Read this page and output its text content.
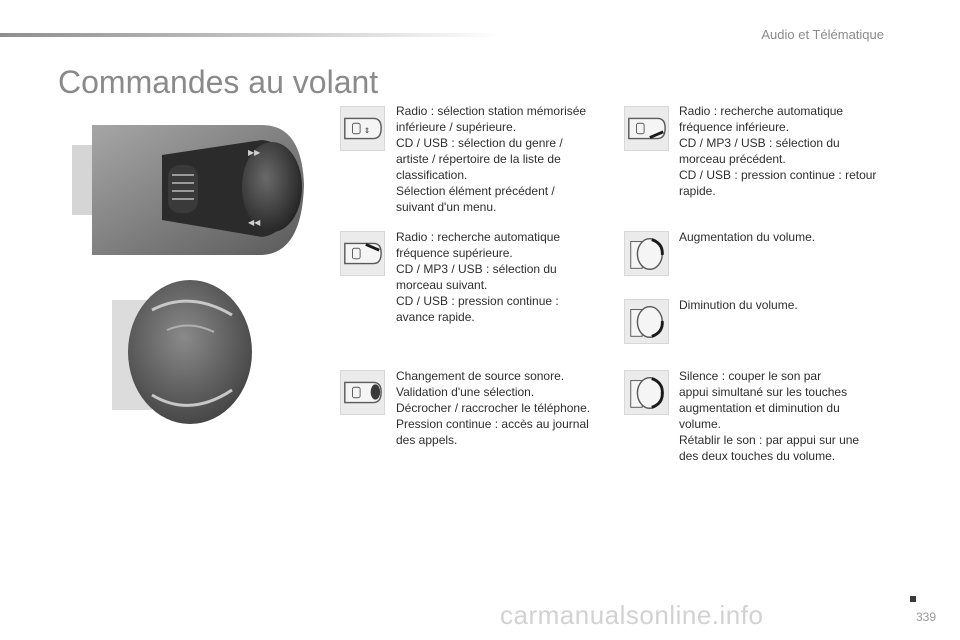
Audio et Télématique
Commandes au volant
▶▶
◀◀
⇕
Radio : sélection station mémorisée
inférieure / supérieure.
CD / USB : sélection du genre /
artiste / répertoire de la liste de
classification.
Sélection élément précédent /
suivant d'un menu.
Radio : recherche automatique
fréquence inférieure.
CD / MP3 / USB : sélection du
morceau précédent.
CD / USB : pression continue : retour
rapide.
Radio : recherche automatique
fréquence supérieure.
CD / MP3 / USB : sélection du
morceau suivant.
CD / USB : pression continue :
avance rapide.
Augmentation du volume.
Diminution du volume.
Changement de source sonore.
Validation d'une sélection.
Décrocher / raccrocher le téléphone.
Pression continue : accès au journal
des appels.
Silence : couper le son par
appui simultané sur les touches
augmentation et diminution du
volume.
Rétablir le son : par appui sur une
des deux touches du volume.
339
carmanualsonline.info
